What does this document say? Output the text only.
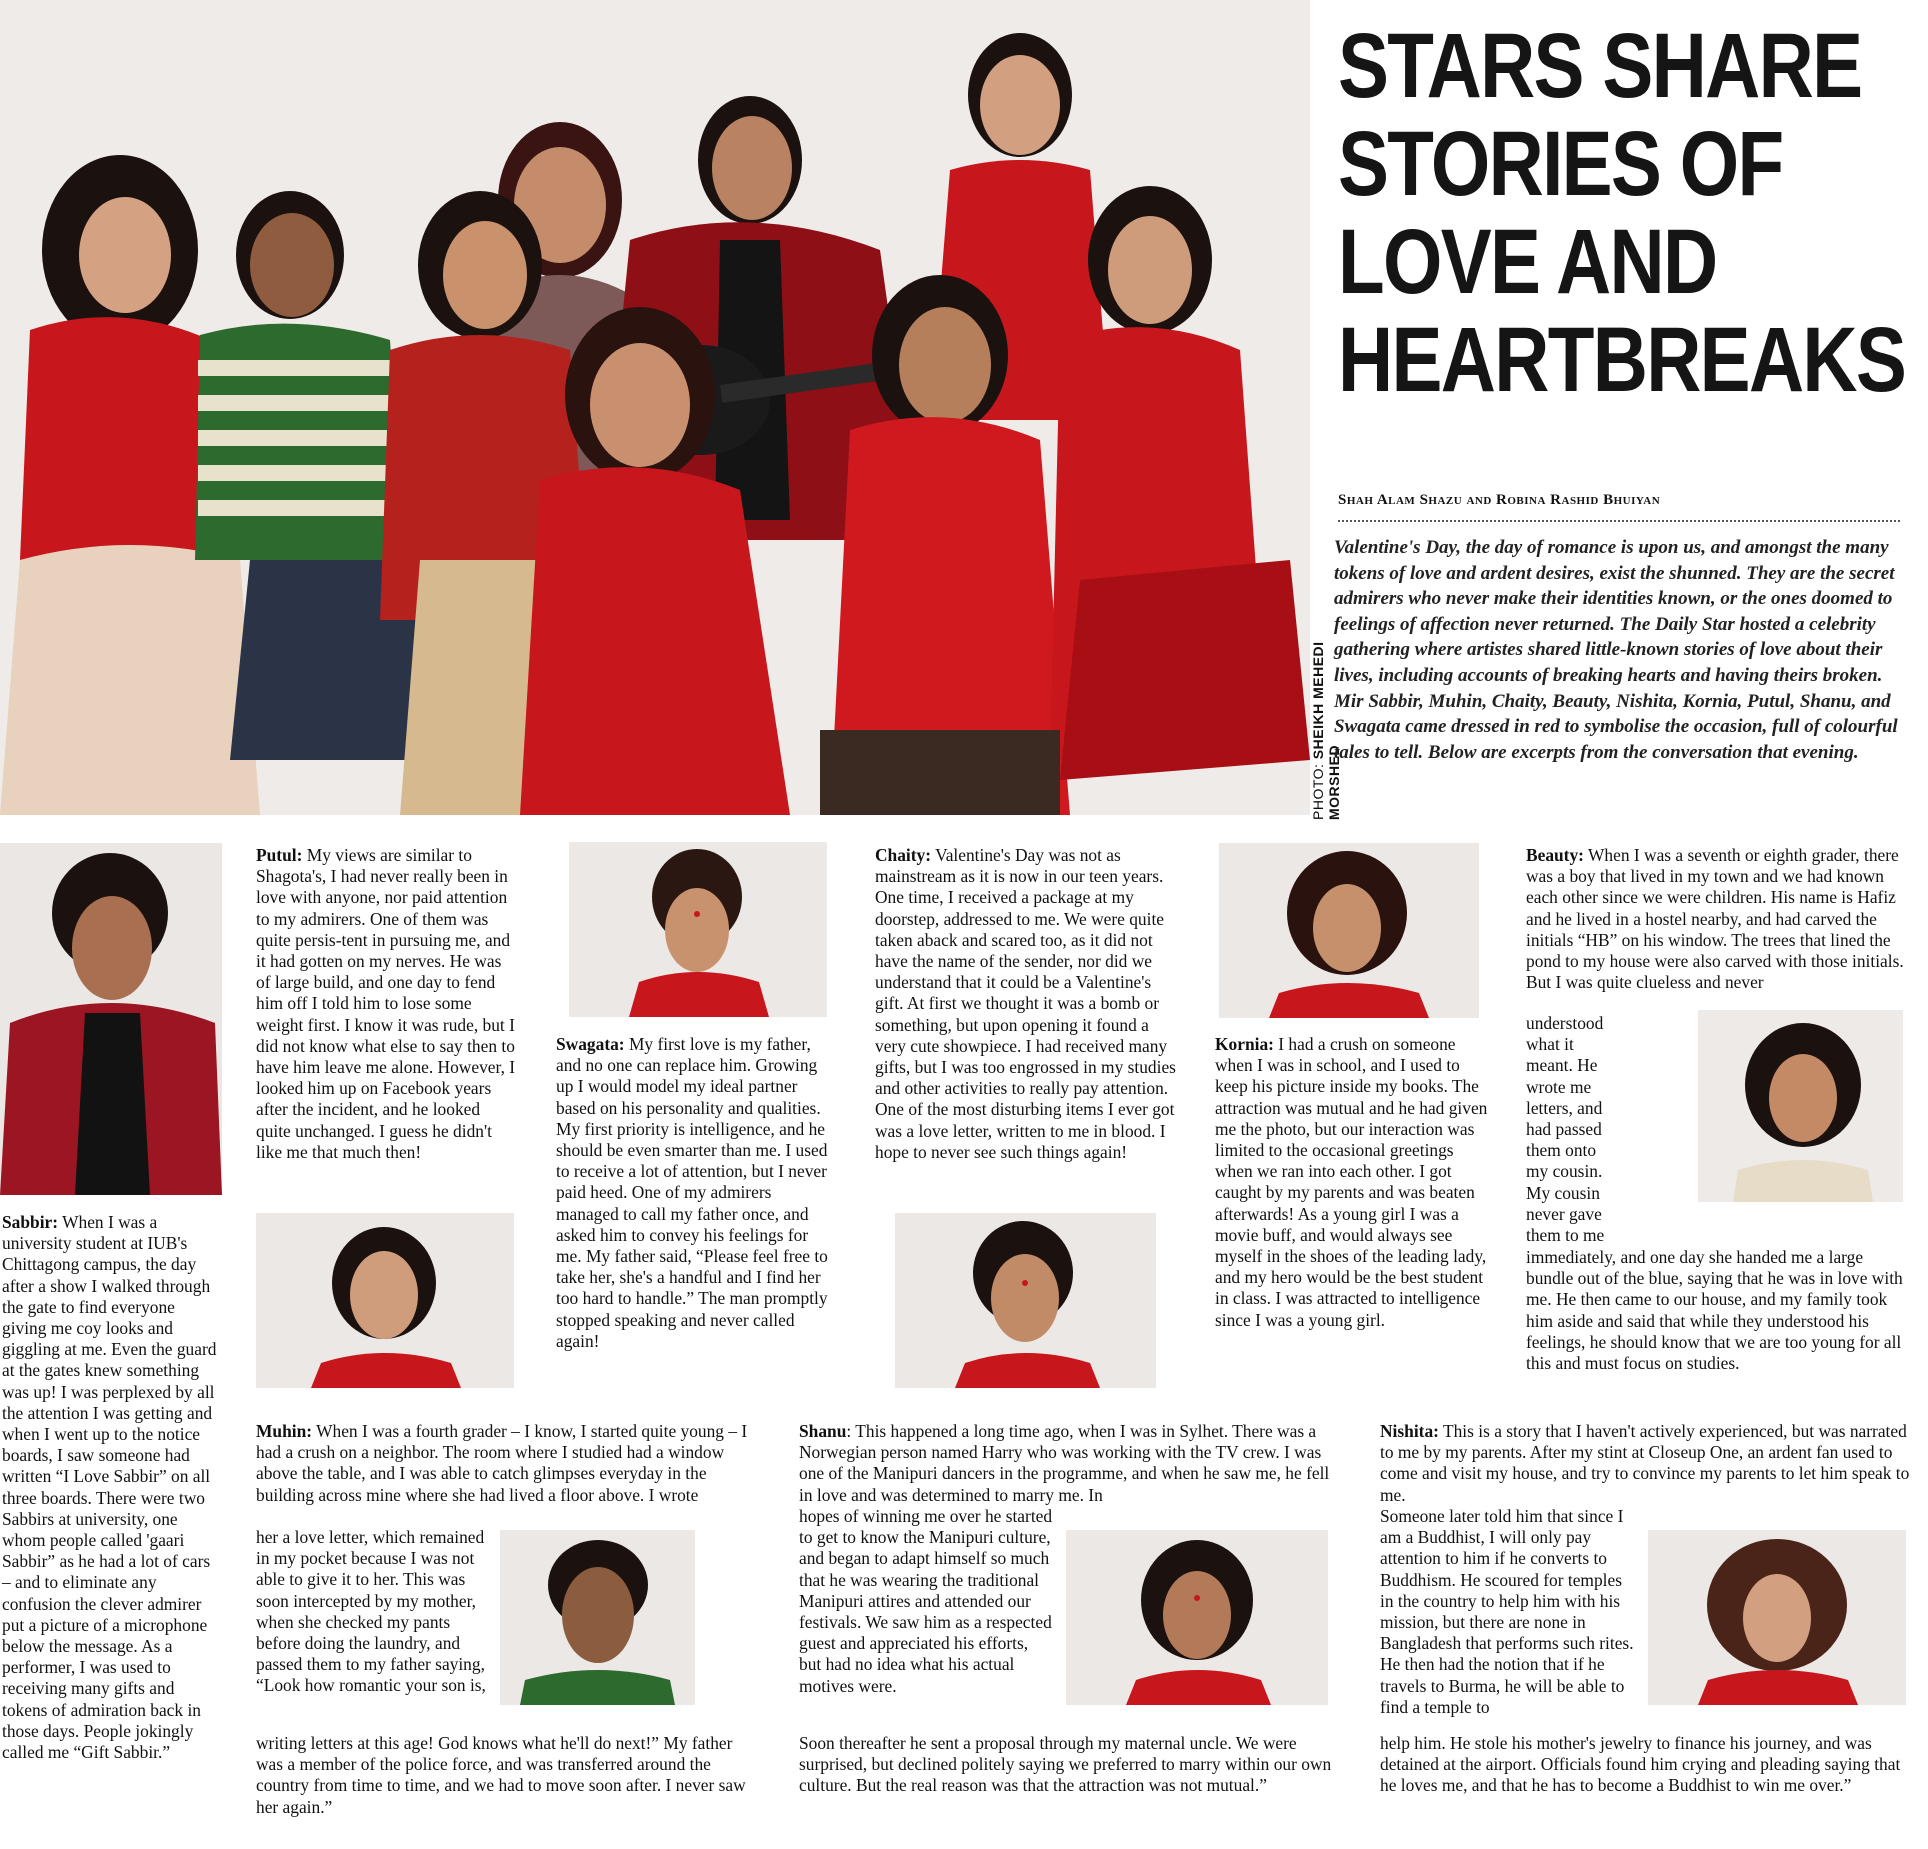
PHOTO: SHEIKH MEHEDI MORSHED
STARS SHARE
STORIES OF
LOVE AND
HEARTBREAKS
Shah Alam Shazu and Robina Rashid Bhuiyan
Valentine's Day, the day of romance is upon us, and amongst the many tokens of love and ardent desires, exist the shunned. They are the secret admirers who never make their identities known, or the ones doomed to feelings of affection never returned. The Daily Star hosted a celebrity gathering where artistes shared little-known stories of love about their lives, including accounts of breaking hearts and having theirs broken. Mir Sabbir, Muhin, Chaity, Beauty, Nishita, Kornia, Putul, Shanu, and Swagata came dressed in red to symbolise the occasion, full of colourful tales to tell. Below are excerpts from the conversation that evening.
Putul: My views are similar to Shagota's, I had never really been in love with anyone, nor paid attention to my admirers. One of them was quite persis-tent in pursuing me, and it had gotten on my nerves. He was of large build, and one day to fend him off I told him to lose some weight first. I know it was rude, but I did not know what else to say then to have him leave me alone. However, I looked him up on Facebook years after the incident, and he looked quite unchanged. I guess he didn't like me that much then!
Swagata: My first love is my father, and no one can replace him. Growing up I would model my ideal partner based on his personality and qualities. My first priority is intelligence, and he should be even smarter than me. I used to receive a lot of attention, but I never paid heed. One of my admirers managed to call my father once, and asked him to convey his feelings for me. My father said, “Please feel free to take her, she's a handful and I find her too hard to handle.” The man promptly stopped speaking and never called again!
Chaity: Valentine's Day was not as mainstream as it is now in our teen years. One time, I received a package at my doorstep, addressed to me. We were quite taken aback and scared too, as it did not have the name of the sender, nor did we understand that it could be a Valentine's gift. At first we thought it was a bomb or something, but upon opening it found a very cute showpiece. I had received many gifts, but I was too engrossed in my studies and other activities to really pay attention. One of the most disturbing items I ever got was a love letter, written to me in blood. I hope to never see such things again!
Kornia: I had a crush on someone when I was in school, and I used to keep his picture inside my books. The attraction was mutual and he had given me the photo, but our interaction was limited to the occasional greetings when we ran into each other. I got caught by my parents and was beaten afterwards! As a young girl I was a movie buff, and would always see myself in the shoes of the leading lady, and my hero would be the best student in class. I was attracted to intelligence since I was a young girl.
Beauty: When I was a seventh or eighth grader, there was a boy that lived in my town and we had known each other since we were children. His name is Hafiz and he lived in a hostel nearby, and had carved the initials “HB” on his window. The trees that lined the pond to my house were also carved with those initials. But I was quite clueless and never
understood
what it
meant. He
wrote me
letters, and
had passed
them onto
my cousin.
My cousin
never gave
them to me
immediately, and one day she handed me a large bundle out of the blue, saying that he was in love with me. He then came to our house, and my family took him aside and said that while they understood his feelings, he should know that we are too young for all this and must focus on studies.
Sabbir: When I was a university student at IUB's Chittagong campus, the day after a show I walked through the gate to find everyone giving me coy looks and giggling at me. Even the guard at the gates knew something was up! I was perplexed by all the attention I was getting and when I went up to the notice boards, I saw someone had written “I Love Sabbir” on all three boards. There were two Sabbirs at university, one whom people called 'gaari Sabbir” as he had a lot of cars – and to eliminate any confusion the clever admirer put a picture of a microphone below the message. As a performer, I was used to receiving many gifts and tokens of admiration back in those days. People jokingly called me “Gift Sabbir.”
Muhin: When I was a fourth grader – I know, I started quite young – I had a crush on a neighbor. The room where I studied had a window above the table, and I was able to catch glimpses everyday in the building across mine where she had lived a floor above. I wrote
her a love letter, which remained in my pocket because I was not able to give it to her. This was soon intercepted by my mother, when she checked my pants before doing the laundry, and passed them to my father saying, “Look how romantic your son is,
writing letters at this age! God knows what he'll do next!” My father was a member of the police force, and was transferred around the country from time to time, and we had to move soon after. I never saw her again.”
Shanu: This happened a long time ago, when I was in Sylhet. There was a Norwegian person named Harry who was working with the TV crew. I was one of the Manipuri dancers in the programme, and when he saw me, he fell in love and was determined to marry me. In
hopes of winning me over he started to get to know the Manipuri culture, and began to adapt himself so much that he was wearing the traditional Manipuri attires and attended our festivals. We saw him as a respected guest and appreciated his efforts, but had no idea what his actual motives were.
Soon thereafter he sent a proposal through my maternal uncle. We were surprised, but declined politely saying we preferred to marry within our own culture. But the real reason was that the attraction was not mutual.”
Nishita: This is a story that I haven't actively experienced, but was narrated to me by my parents. After my stint at Closeup One, an ardent fan used to come and visit my house, and try to convince my parents to let him speak to me.
Someone later told him that since I am a Buddhist, I will only pay attention to him if he converts to Buddhism. He scoured for temples in the country to help him with his mission, but there are none in Bangladesh that performs such rites. He then had the notion that if he travels to Burma, he will be able to find a temple to
help him. He stole his mother's jewelry to finance his journey, and was detained at the airport. Officials found him crying and pleading saying that he loves me, and that he has to become a Buddhist to win me over.”
